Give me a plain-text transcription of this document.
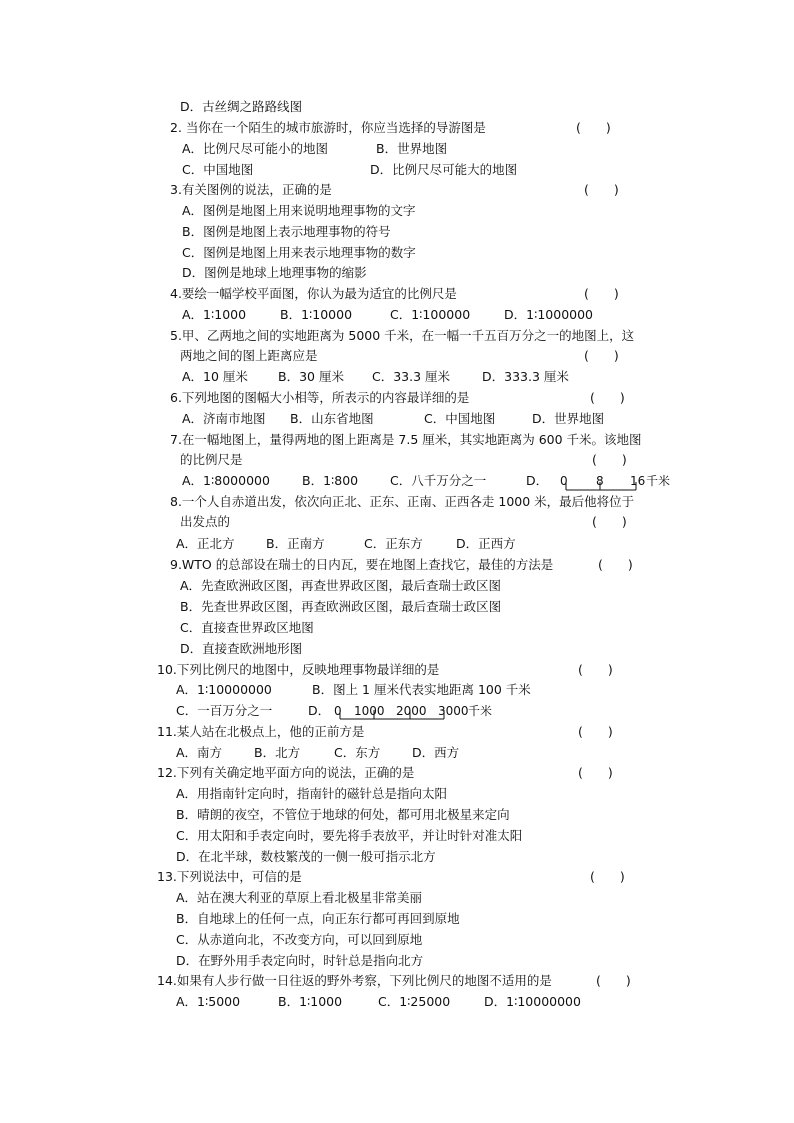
D．古丝绸之路路线图
2. 当你在一个陌生的城市旅游时，你应当选择的导游图是	(　　)
A．比例尺尽可能小的地图	B．世界地图
C．中国地图	D．比例尺尽可能大的地图
3.有关图例的说法，正确的是	(　　)
A．图例是地图上用来说明地理事物的文字
B．图例是地图上表示地理事物的符号
C．图例是地图上用来表示地理事物的数字
D．图例是地球上地理事物的缩影
4.要绘一幅学校平面图，你认为最为适宜的比例尺是	(　　)
A．1∶1000	B．1∶10000	C．1∶100000	D．1∶1000000
5.甲、乙两地之间的实地距离为 5000 千米，在一幅一千五百万分之一的地图上，这
两地之间的图上距离应是	(　　)
A．10 厘米 B．30 厘米 C．33.3 厘米	D．333.3 厘米
6.下列地图的图幅大小相等，所表示的内容最详细的是	(　　)
A．济南市地图 B．山东省地图	C．中国地图	D．世界地图
7.在一幅地图上，量得两地的图上距离是 7.5 厘米，其实地距离为 600 千米。该地图
的比例尺是	(　　)
A．1∶8000000	B．1∶800	C．八千万分之一	D． 0 8 16 千米
8.一个人自赤道出发，依次向正北、正东、正南、正西各走 1000 米，最后他将位于
出发点的	(　　)
A．正北方	B．正南方	C．正东方	D．正西方
9.WTO 的总部设在瑞士的日内瓦，要在地图上查找它，最佳的方法是	(　　)
A．先查欧洲政区图，再查世界政区图，最后查瑞士政区图
B．先查世界政区图，再查欧洲政区图，最后查瑞士政区图
C．直接查世界政区地图
D．直接查欧洲地形图
10.下列比例尺的地图中，反映地理事物最详细的是	(　　)
A．1∶10000000	B．图上 1 厘米代表实地距离 100 千米
C．一百万分之一	D． 0 1000 2000 3000 千米
11.某人站在北极点上，他的正前方是	(　　)
A．南方	B．北方	C．东方	D．西方
12.下列有关确定地平面方向的说法，正确的是	(　　)
A．用指南针定向时，指南针的磁针总是指向太阳
B．晴朗的夜空，不管位于地球的何处，都可用北极星来定向
C．用太阳和手表定向时，要先将手表放平，并让时针对准太阳
D．在北半球，数枝繁茂的一侧一般可指示北方
13.下列说法中，可信的是	(　　)
A．站在澳大利亚的草原上看北极星非常美丽
B．自地球上的任何一点，向正东行都可再回到原地
C．从赤道向北，不改变方向，可以回到原地
D．在野外用手表定向时，时针总是指向北方
14.如果有人步行做一日往返的野外考察，下列比例尺的地图不适用的是	(　　)
A．1∶5000	B．1∶1000	C．1∶25000	D．1∶10000000
